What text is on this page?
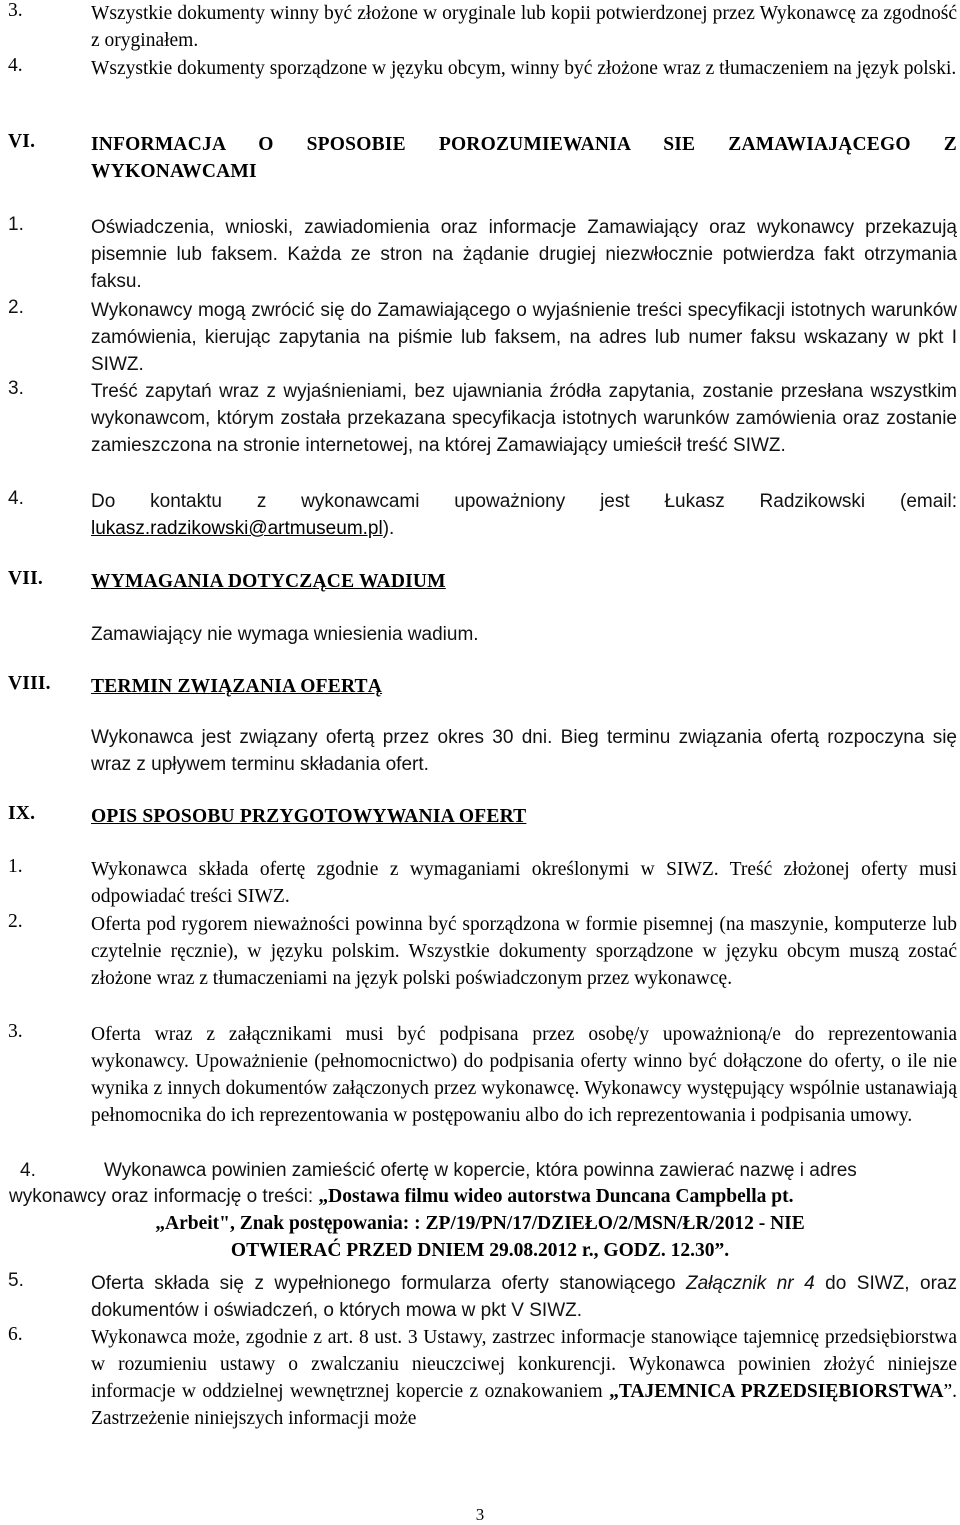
3.	Wszystkie dokumenty winny być złożone w oryginale lub kopii potwierdzonej przez Wykonawcę za zgodność z oryginałem.
4.	Wszystkie dokumenty sporządzone w języku obcym, winny być złożone wraz z tłumaczeniem na język polski.
VI.	INFORMACJA O SPOSOBIE POROZUMIEWANIA SIE ZAMAWIAJĄCEGO Z WYKONAWCAMI
1.	Oświadczenia, wnioski, zawiadomienia oraz informacje Zamawiający oraz wykonawcy przekazują pisemnie lub faksem. Każda ze stron na żądanie drugiej niezwłocznie potwierdza fakt otrzymania faksu.
2.	Wykonawcy mogą zwrócić się do Zamawiającego o wyjaśnienie treści specyfikacji istotnych warunków zamówienia, kierując zapytania na piśmie lub faksem, na adres lub numer faksu wskazany w pkt I SIWZ.
3.	Treść zapytań wraz z wyjaśnieniami, bez ujawniania źródła zapytania, zostanie przesłana wszystkim wykonawcom, którym została przekazana specyfikacja istotnych warunków zamówienia oraz zostanie zamieszczona na stronie internetowej, na której Zamawiający umieścił treść SIWZ.
4.	Do kontaktu z wykonawcami upoważniony jest Łukasz Radzikowski (email: lukasz.radzikowski@artmuseum.pl).
VII. WYMAGANIA DOTYCZĄCE WADIUM
Zamawiający nie wymaga wniesienia wadium.
VIII. TERMIN ZWIĄZANIA OFERTĄ
Wykonawca jest związany ofertą przez okres 30 dni. Bieg terminu związania ofertą rozpoczyna się wraz z upływem terminu składania ofert.
IX.	OPIS SPOSOBU PRZYGOTOWYWANIA OFERT
1.	Wykonawca składa ofertę zgodnie z wymaganiami określonymi w SIWZ. Treść złożonej oferty musi odpowiadać treści SIWZ.
2.	Oferta pod rygorem nieważności powinna być sporządzona w formie pisemnej (na maszynie, komputerze lub czytelnie ręcznie), w języku polskim. Wszystkie dokumenty sporządzone w języku obcym muszą zostać złożone wraz z tłumaczeniami na język polski poświadczonym przez wykonawcę.
3.	Oferta wraz z załącznikami musi być podpisana przez osobę/y upoważnioną/e do reprezentowania wykonawcy. Upoważnienie (pełnomocnictwo) do podpisania oferty winno być dołączone do oferty, o ile nie wynika z innych dokumentów załączonych przez wykonawcę. Wykonawcy występujący wspólnie ustanawiają pełnomocnika do ich reprezentowania w postępowaniu albo do ich reprezentowania i podpisania umowy.
4.	Wykonawca powinien zamieścić ofertę w kopercie, która powinna zawierać nazwę i adres
wykonawcy oraz informację o treści: „Dostawa filmu wideo autorstwa Duncana Campbella pt.
„Arbeit", Znak postępowania: : ZP/19/PN/17/DZIEŁO/2/MSN/ŁR/2012 - NIE
OTWIERAĆ PRZED DNIEM 29.08.2012 r., GODZ. 12.30”.
5.	Oferta składa się z wypełnionego formularza oferty stanowiącego Załącznik nr 4 do SIWZ, oraz dokumentów i oświadczeń, o których mowa w pkt V SIWZ.
6.	Wykonawca może, zgodnie z art. 8 ust. 3 Ustawy, zastrzec informacje stanowiące tajemnicę przedsiębiorstwa w rozumieniu ustawy o zwalczaniu nieuczciwej konkurencji. Wykonawca powinien złożyć niniejsze informacje w oddzielnej wewnętrznej kopercie z oznakowaniem „TAJEMNICA PRZEDSIĘBIORSTWA”. Zastrzeżenie niniejszych informacji może
3
